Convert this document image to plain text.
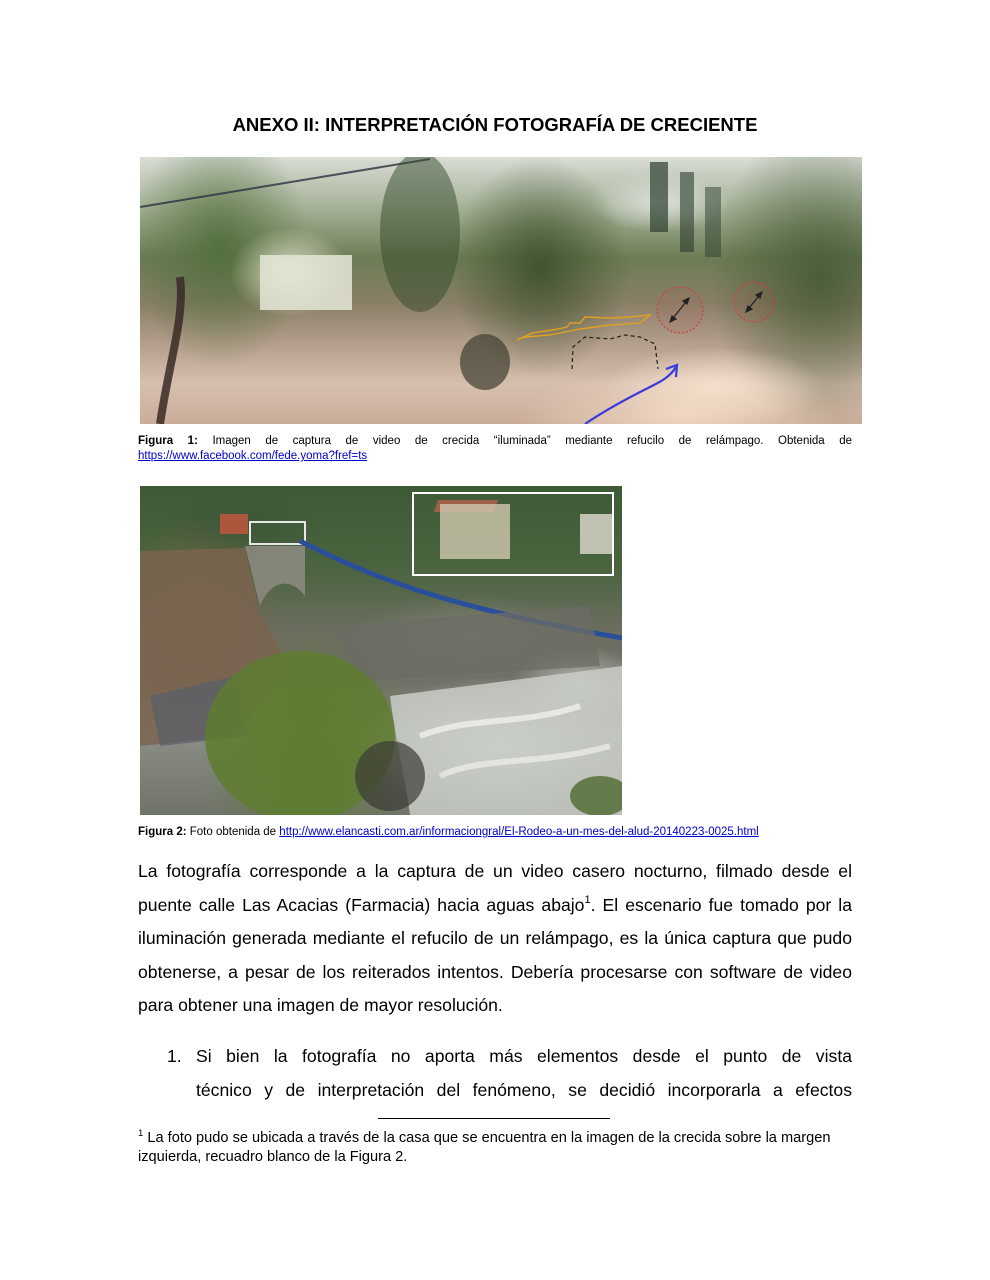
ANEXO II: INTERPRETACIÓN FOTOGRAFÍA DE CRECIENTE
Figura 1: Imagen de captura de video de crecida “iluminada” mediante refucilo de relámpago. Obtenida de
https://www.facebook.com/fede.yoma?fref=ts
Figura 2: Foto obtenida de http://www.elancasti.com.ar/informaciongral/El-Rodeo-a-un-mes-del-alud-20140223-0025.html
La fotografía corresponde a la captura de un video casero nocturno, filmado desde el puente calle Las Acacias (Farmacia) hacia aguas abajo$^1$. El escenario fue tomado por la iluminación generada mediante el refucilo de un relámpago, es la única captura que pudo obtenerse, a pesar de los reiterados intentos. Debería procesarse con software de video para obtener una imagen de mayor resolución.
1. Si bien la fotografía no aporta más elementos desde el punto de vista
técnico y de interpretación del fenómeno, se decidió incorporarla a efectos
$^1$ La foto pudo se ubicada a través de la casa que se encuentra en la imagen de la crecida sobre la margen izquierda, recuadro blanco de la Figura 2.
